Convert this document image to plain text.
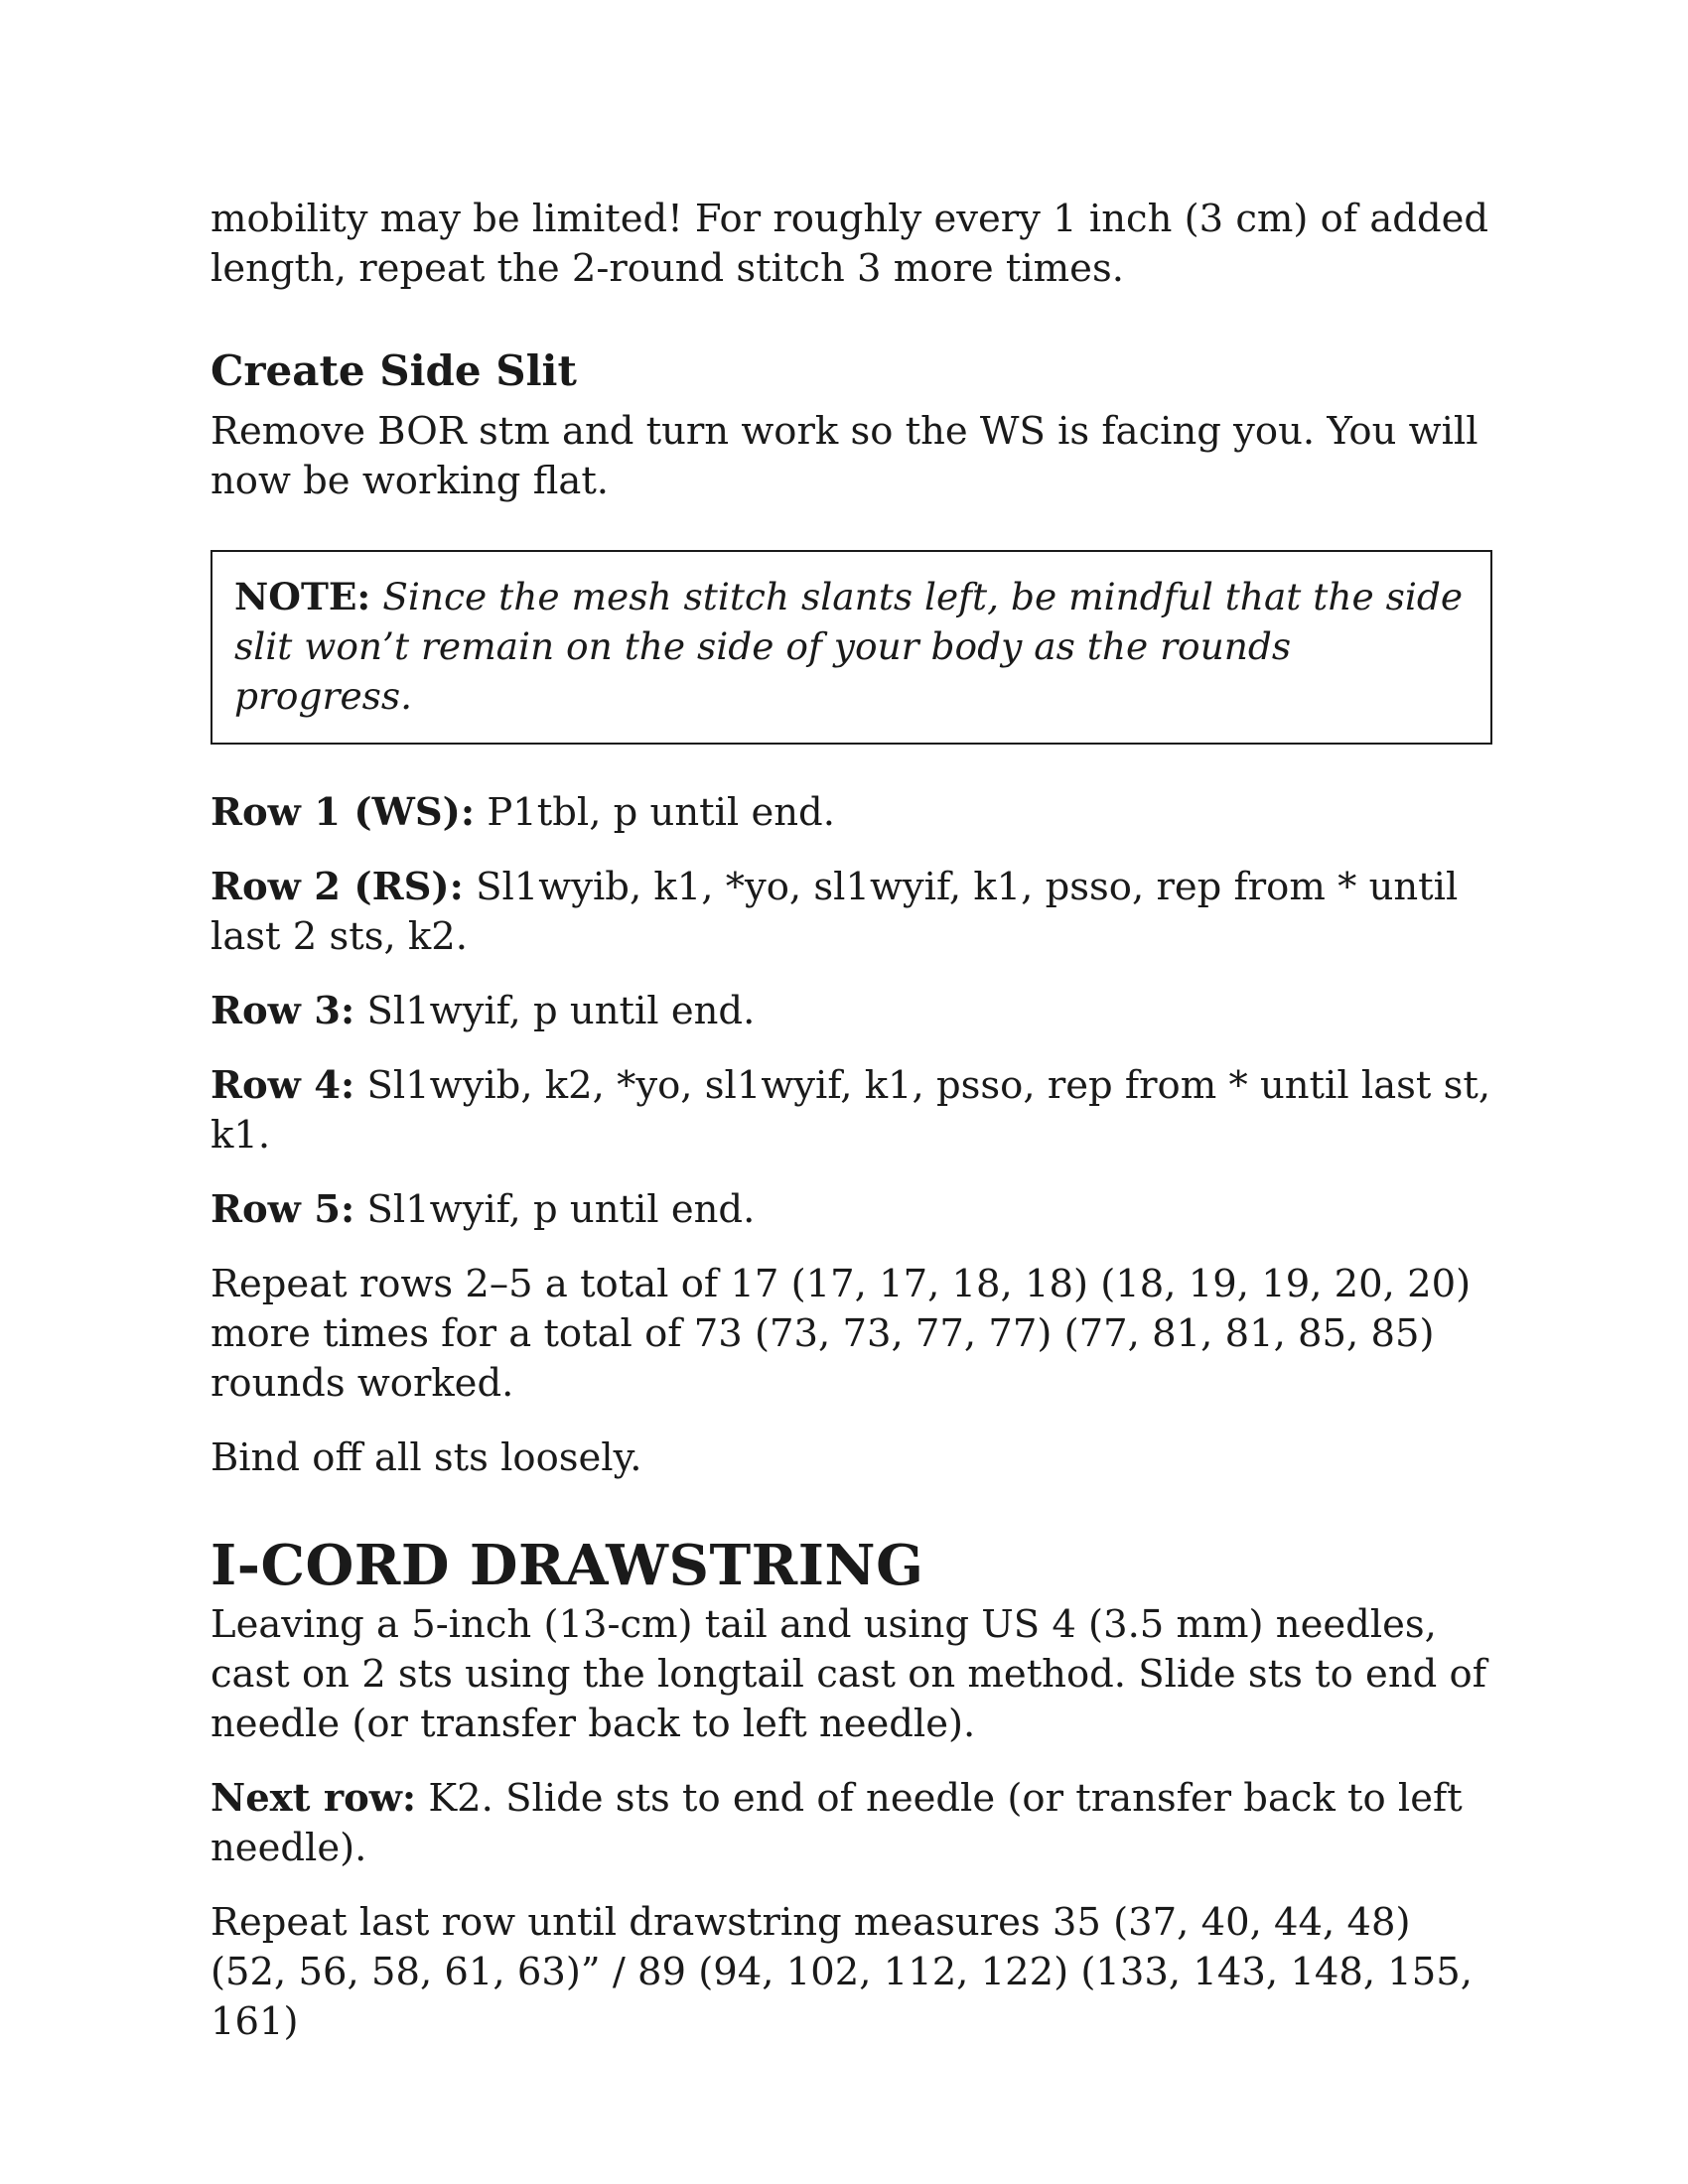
mobility may be limited! For roughly every 1 inch (3 cm) of added length, repeat the 2-round stitch 3 more times.

Create Side Slit

Remove BOR stm and turn work so the WS is facing you. You will now be working flat.

NOTE: Since the mesh stitch slants left, be mindful that the side slit won’t remain on the side of your body as the rounds progress.

Row 1 (WS): P1tbl, p until end.

Row 2 (RS): Sl1wyib, k1, *yo, sl1wyif, k1, psso, rep from * until last 2 sts, k2.

Row 3: Sl1wyif, p until end.

Row 4: Sl1wyib, k2, *yo, sl1wyif, k1, psso, rep from * until last st, k1.

Row 5: Sl1wyif, p until end.

Repeat rows 2–5 a total of 17 (17, 17, 18, 18) (18, 19, 19, 20, 20) more times for a total of 73 (73, 73, 77, 77) (77, 81, 81, 85, 85) rounds worked.

Bind off all sts loosely.

I-CORD DRAWSTRING

Leaving a 5-inch (13-cm) tail and using US 4 (3.5 mm) needles, cast on 2 sts using the longtail cast on method. Slide sts to end of needle (or transfer back to left needle).

Next row: K2. Slide sts to end of needle (or transfer back to left needle).

Repeat last row until drawstring measures 35 (37, 40, 44, 48) (52, 56, 58, 61, 63)” / 89 (94, 102, 112, 122) (133, 143, 148, 155, 161)
